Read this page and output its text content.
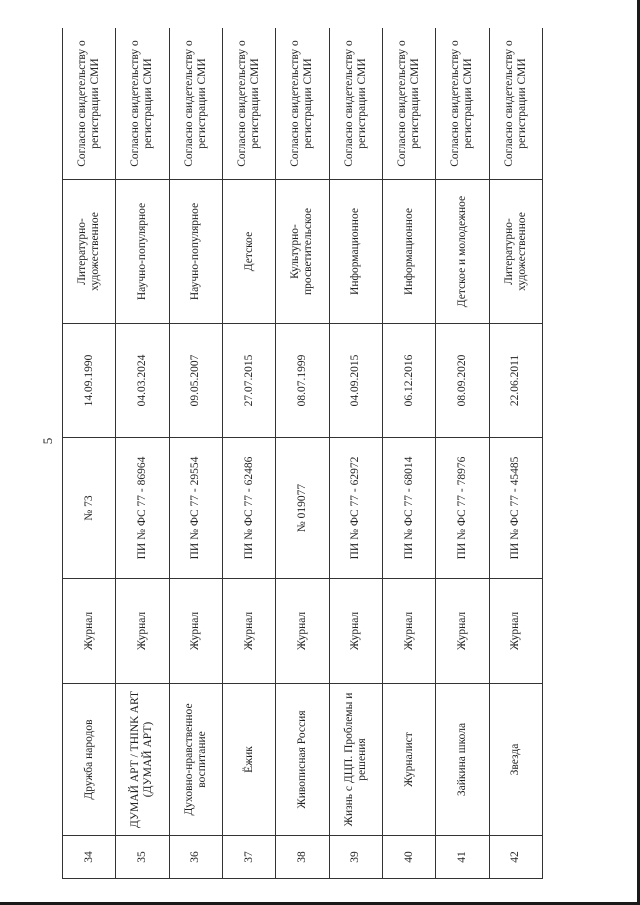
5
34	Дружба народов	Журнал	№ 73	14.09.1990	Литературно-художественное	Согласно свидетельству о регистрации СМИ
35	ДУМАЙ АРТ / THINK ART (ДУМАЙ АРТ)	Журнал	ПИ № ФС 77 - 86964	04.03.2024	Научно-популярное	Согласно свидетельству о регистрации СМИ
36	Духовно-нравственное воспитание	Журнал	ПИ № ФС 77 - 29554	09.05.2007	Научно-популярное	Согласно свидетельству о регистрации СМИ
37	Ёжик	Журнал	ПИ № ФС 77 - 62486	27.07.2015	Детское	Согласно свидетельству о регистрации СМИ
38	Живописная Россия	Журнал	№ 019077	08.07.1999	Культурно-просветительское	Согласно свидетельству о регистрации СМИ
39	Жизнь с ДЦП. Проблемы и решения	Журнал	ПИ № ФС 77 - 62972	04.09.2015	Информационное	Согласно свидетельству о регистрации СМИ
40	Журналист	Журнал	ПИ № ФС 77 - 68014	06.12.2016	Информационное	Согласно свидетельству о регистрации СМИ
41	Зайкина школа	Журнал	ПИ № ФС 77 - 78976	08.09.2020	Детское и молодежное	Согласно свидетельству о регистрации СМИ
42	Звезда	Журнал	ПИ № ФС 77 - 45485	22.06.2011	Литературно-художественное	Согласно свидетельству о регистрации СМИ
